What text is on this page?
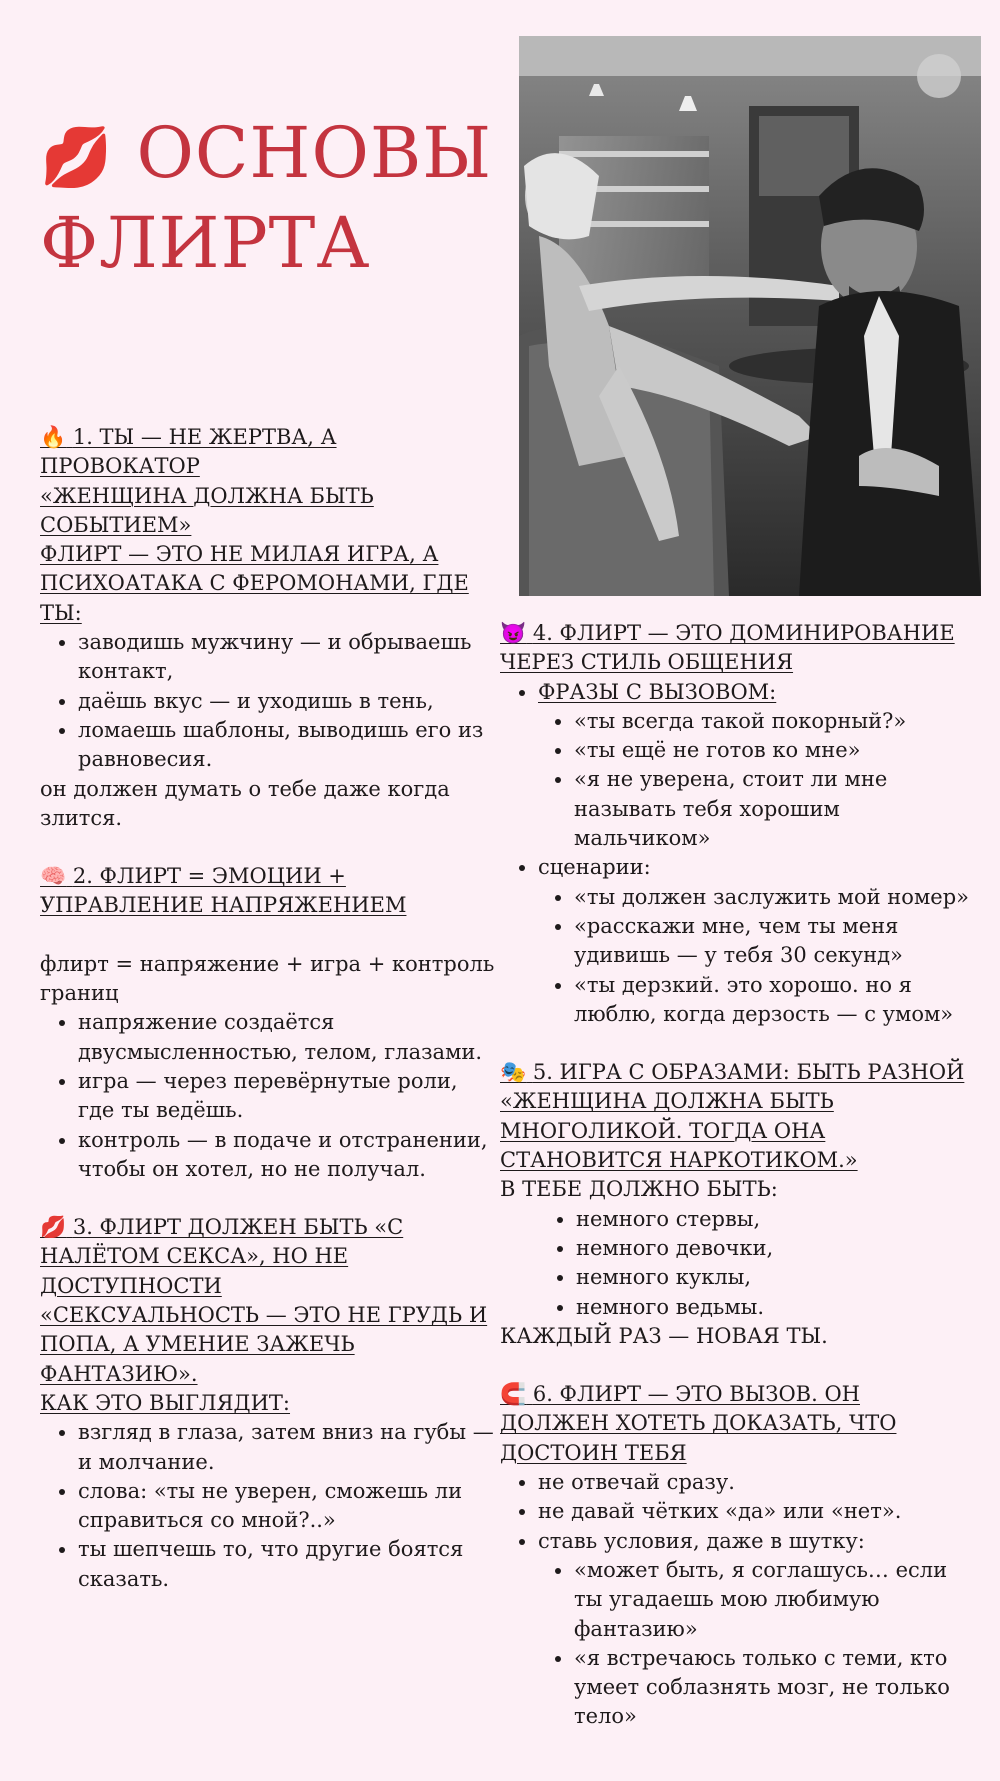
💋 ОСНОВЫ ФЛИРТА

🔥 1. ТЫ — НЕ ЖЕРТВА, А ПРОВОКАТОР

«ЖЕНЩИНА ДОЛЖНА БЫТЬ СОБЫТИЕМ»

ФЛИРТ — ЭТО НЕ МИЛАЯ ИГРА, А ПСИХОАТАКА С ФЕРОМОНАМИ, ГДЕ ТЫ:

• заводишь мужчину — и обрываешь контакт,
• даёшь вкус — и уходишь в тень,
• ломаешь шаблоны, выводишь его из равновесия.

он должен думать о тебе даже когда злится.

🧠 2. ФЛИРТ = ЭМОЦИИ + УПРАВЛЕНИЕ НАПРЯЖЕНИЕМ

флирт = напряжение + игра + контроль границ

• напряжение создаётся двусмысленностью, телом, глазами.
• игра — через перевёрнутые роли, где ты ведёшь.
• контроль — в подаче и отстранении, чтобы он хотел, но не получал.

💋 3. ФЛИРТ ДОЛЖЕН БЫТЬ «С НАЛЁТОМ СЕКСА», НО НЕ ДОСТУПНОСТИ

«СЕКСУАЛЬНОСТЬ — ЭТО НЕ ГРУДЬ И ПОПА, А УМЕНИЕ ЗАЖЕЧЬ ФАНТАЗИЮ».

КАК ЭТО ВЫГЛЯДИТ:

• взгляд в глаза, затем вниз на губы — и молчание.
• слова: «ты не уверен, сможешь ли справиться со мной?..»
• ты шепчешь то, что другие боятся сказать.

😈 4. ФЛИРТ — ЭТО ДОМИНИРОВАНИЕ ЧЕРЕЗ СТИЛЬ ОБЩЕНИЯ

• ФРАЗЫ С ВЫЗОВОМ:
• «ты всегда такой покорный?»
• «ты ещё не готов ко мне»
• «я не уверена, стоит ли мне называть тебя хорошим мальчиком»
• сценарии:
• «ты должен заслужить мой номер»
• «расскажи мне, чем ты меня удивишь — у тебя 30 секунд»
• «ты дерзкий. это хорошо. но я люблю, когда дерзость — с умом»

🎭 5. ИГРА С ОБРАЗАМИ: БЫТЬ РАЗНОЙ

«ЖЕНЩИНА ДОЛЖНА БЫТЬ МНОГОЛИКОЙ. ТОГДА ОНА СТАНОВИТСЯ НАРКОТИКОМ.»

В ТЕБЕ ДОЛЖНО БЫТЬ:

• немного стервы,
• немного девочки,
• немного куклы,
• немного ведьмы.

КАЖДЫЙ РАЗ — НОВАЯ ТЫ.

🧲 6. ФЛИРТ — ЭТО ВЫЗОВ. ОН ДОЛЖЕН ХОТЕТЬ ДОКАЗАТЬ, ЧТО ДОСТОИН ТЕБЯ

• не отвечай сразу.
• не давай чётких «да» или «нет».
• ставь условия, даже в шутку:
• «может быть, я соглашусь… если ты угадаешь мою любимую фантазию»
• «я встречаюсь только с теми, кто умеет соблазнять мозг, не только тело»
